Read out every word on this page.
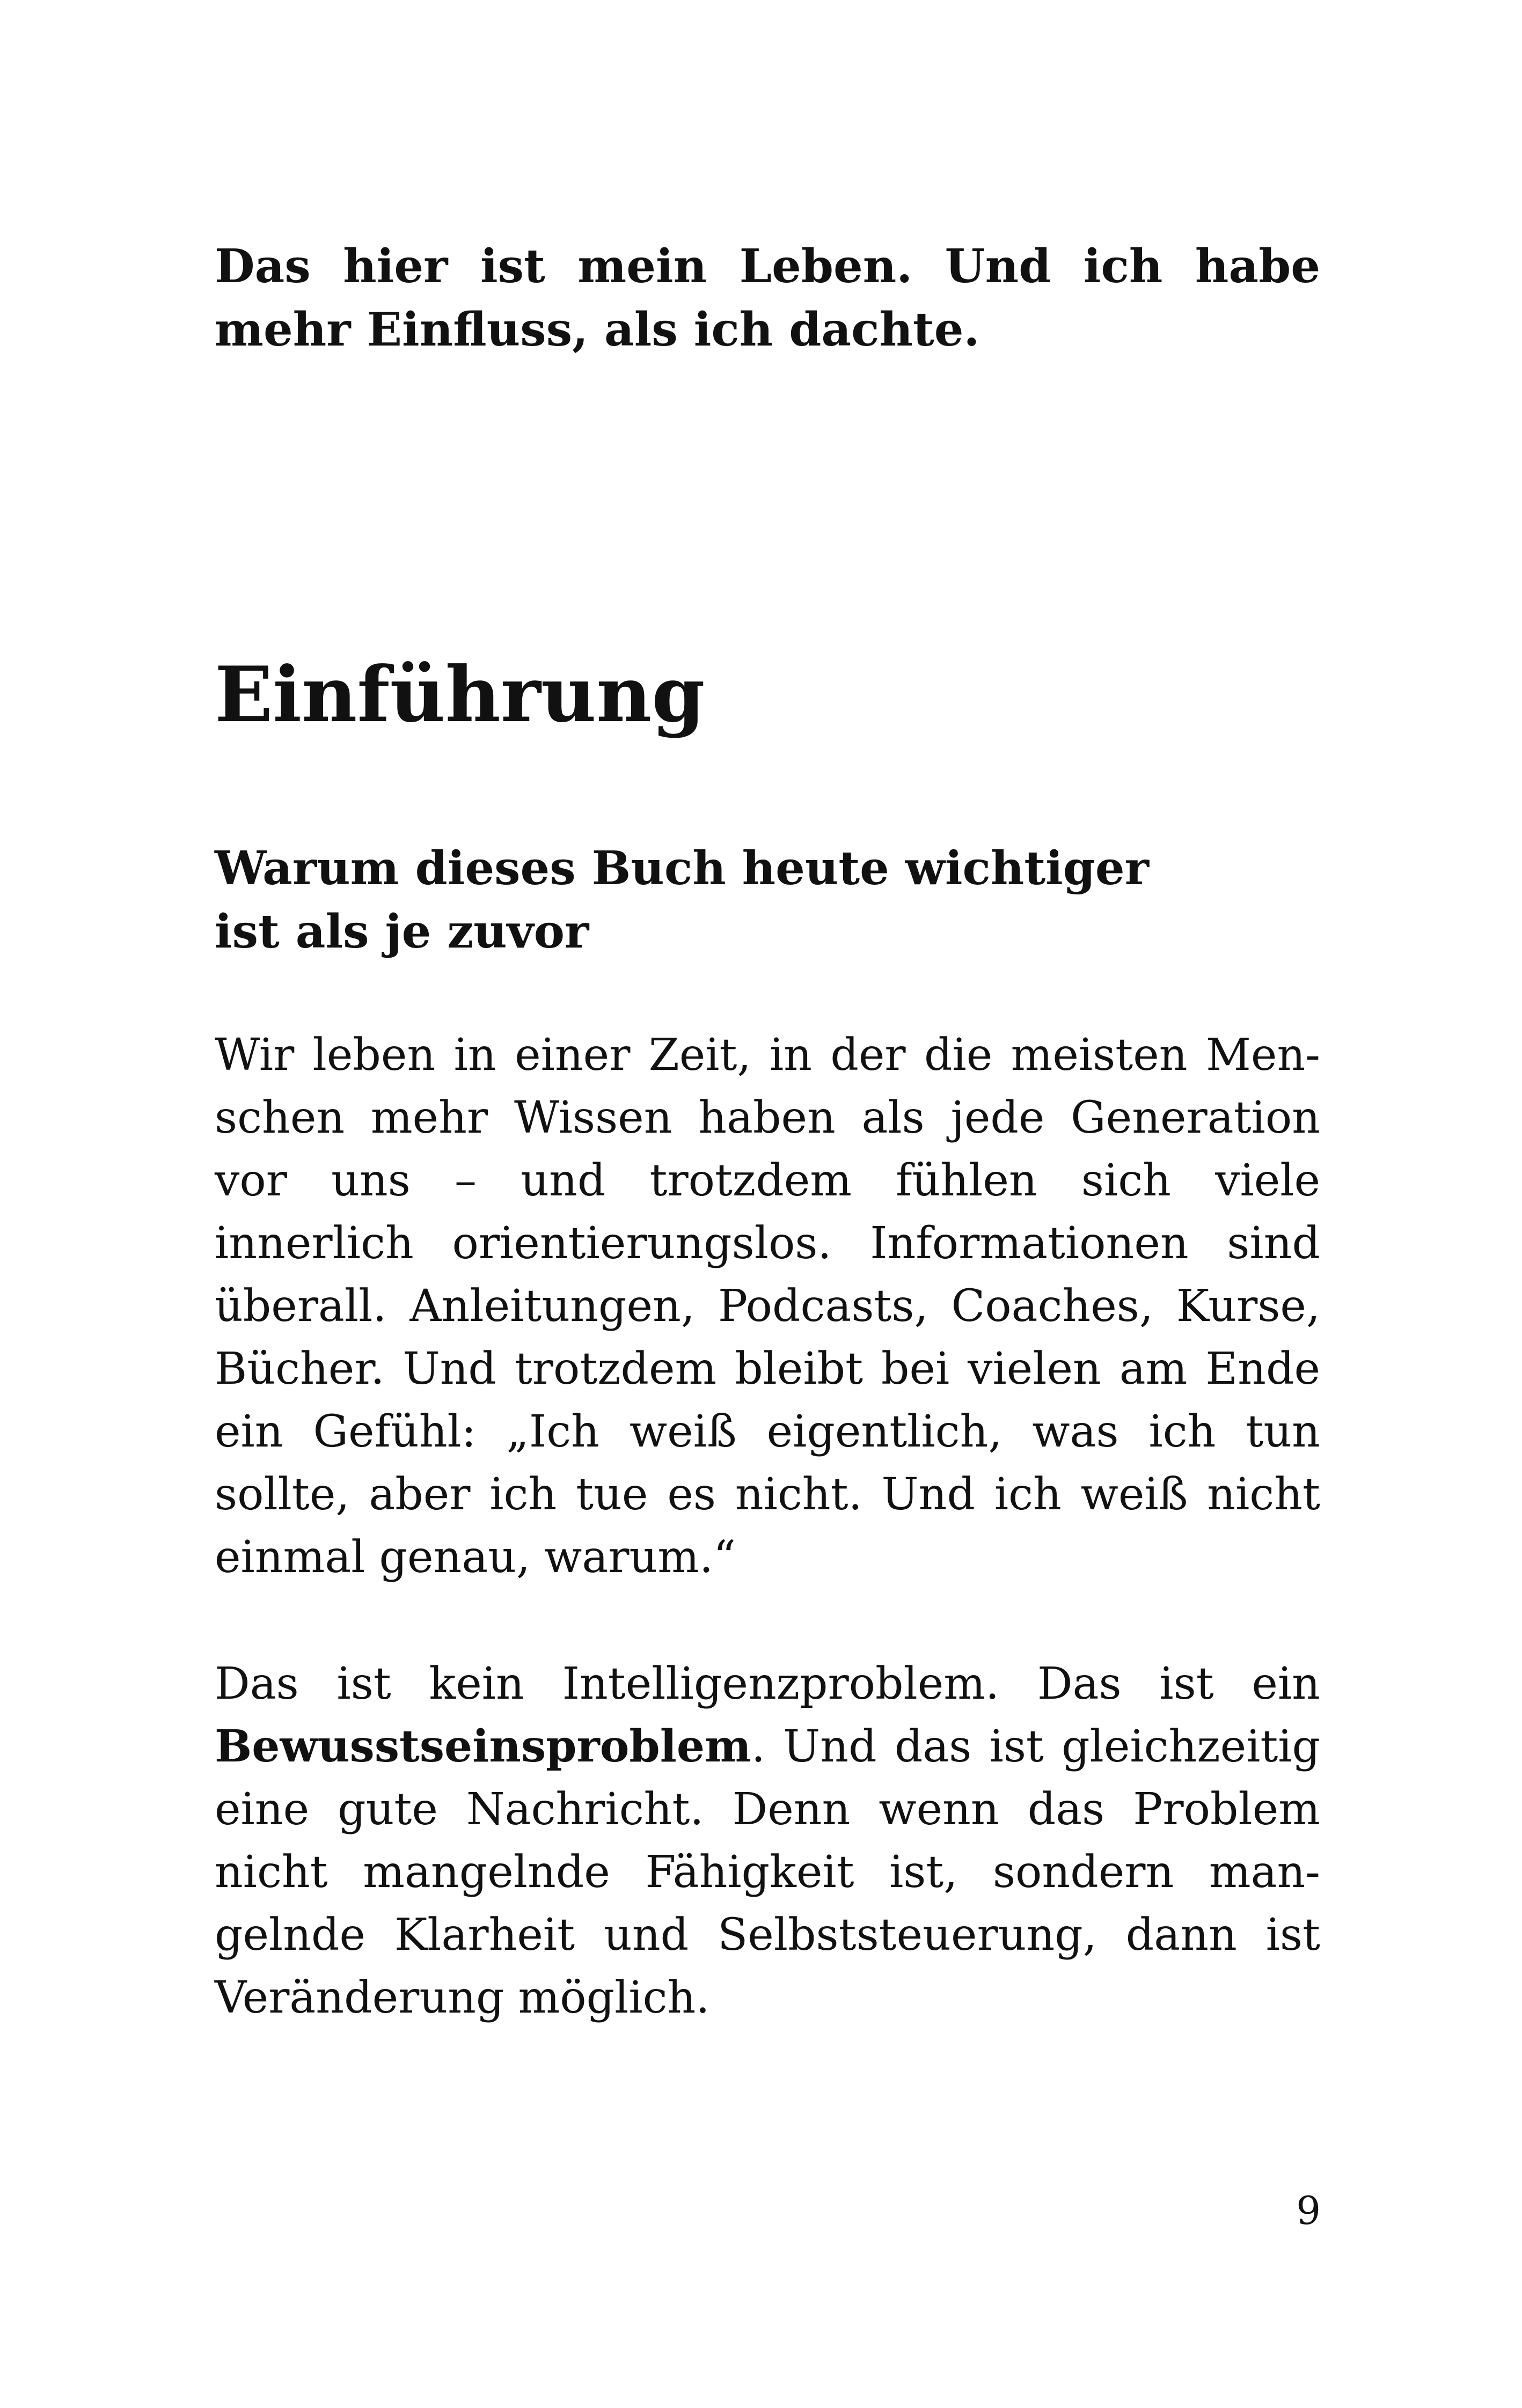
Das hier ist mein Leben. Und ich habe mehr Einfluss, als ich dachte.

Einführung
Warum dieses Buch heute wichtiger ist als je zuvor

Wir leben in einer Zeit, in der die meisten Menschen mehr Wissen haben als jede Generation vor uns – und trotzdem fühlen sich viele innerlich orientierungslos. Informationen sind überall. Anleitungen, Podcasts, Coaches, Kurse, Bücher. Und trotzdem bleibt bei vielen am Ende ein Gefühl: „Ich weiß eigentlich, was ich tun sollte, aber ich tue es nicht. Und ich weiß nicht einmal genau, warum.“

Das ist kein Intelligenzproblem. Das ist ein Bewusstseinsproblem. Und das ist gleichzeitig eine gute Nachricht. Denn wenn das Problem nicht mangelnde Fähigkeit ist, sondern mangelnde Klarheit und Selbststeuerung, dann ist Veränderung möglich.

9
